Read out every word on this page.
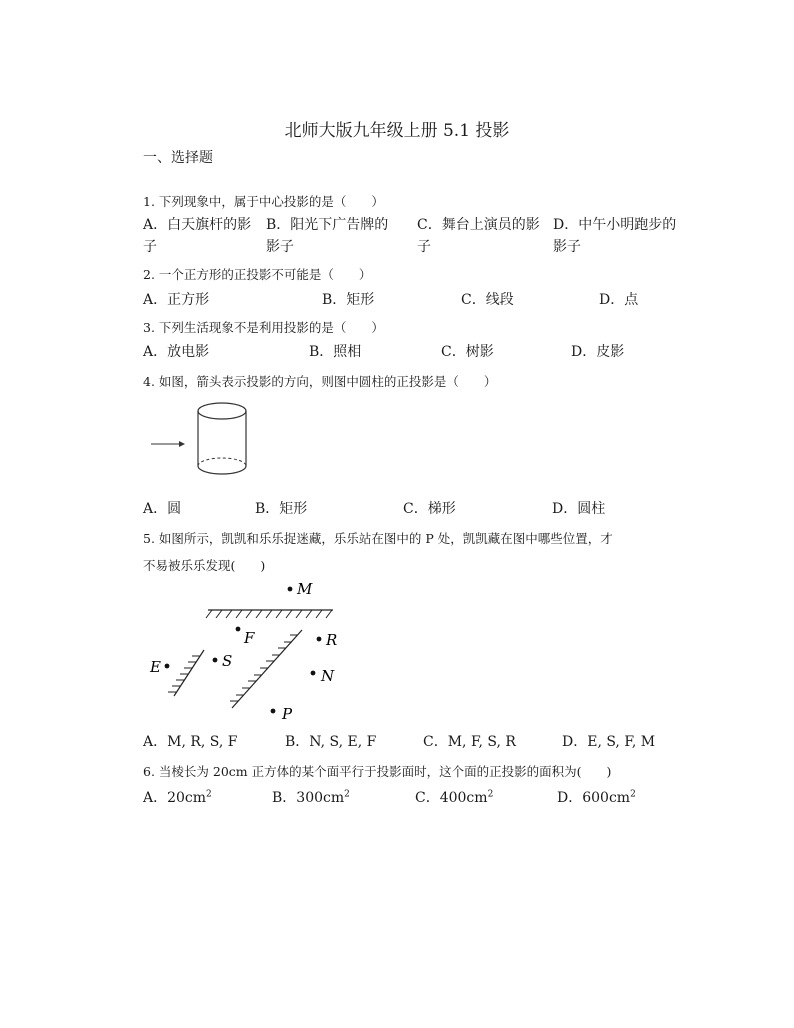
北师大版九年级上册 5.1 投影
一、选择题
1. 下列现象中，属于中心投影的是（　　）
A．白天旗杆的影
子
B．阳光下广告牌的
影子
C．舞台上演员的影
子
D．中午小明跑步的
影子
2. 一个正方形的正投影不可能是（　　）
A．正方形	B．矩形	C．线段	D．点
3. 下列生活现象不是利用投影的是（　　）
A．放电影	B．照相	C．树影	D．皮影
4. 如图，箭头表示投影的方向，则图中圆柱的正投影是（　　）
A．圆	B．矩形	C．梯形	D．圆柱
5. 如图所示，凯凯和乐乐捉迷藏，乐乐站在图中的 P 处，凯凯藏在图中哪些位置，才
不易被乐乐发现(　　)
M
F	R
E	S
N
P
A．M, R, S, F	B．N, S, E, F	C．M, F, S, R	D．E, S, F, M
6. 当棱长为 20cm 正方体的某个面平行于投影面时，这个面的正投影的面积为(　　)
A．$20cm^2$	B．$300cm^2$	C．$400cm^2$	D．$600cm^2$
